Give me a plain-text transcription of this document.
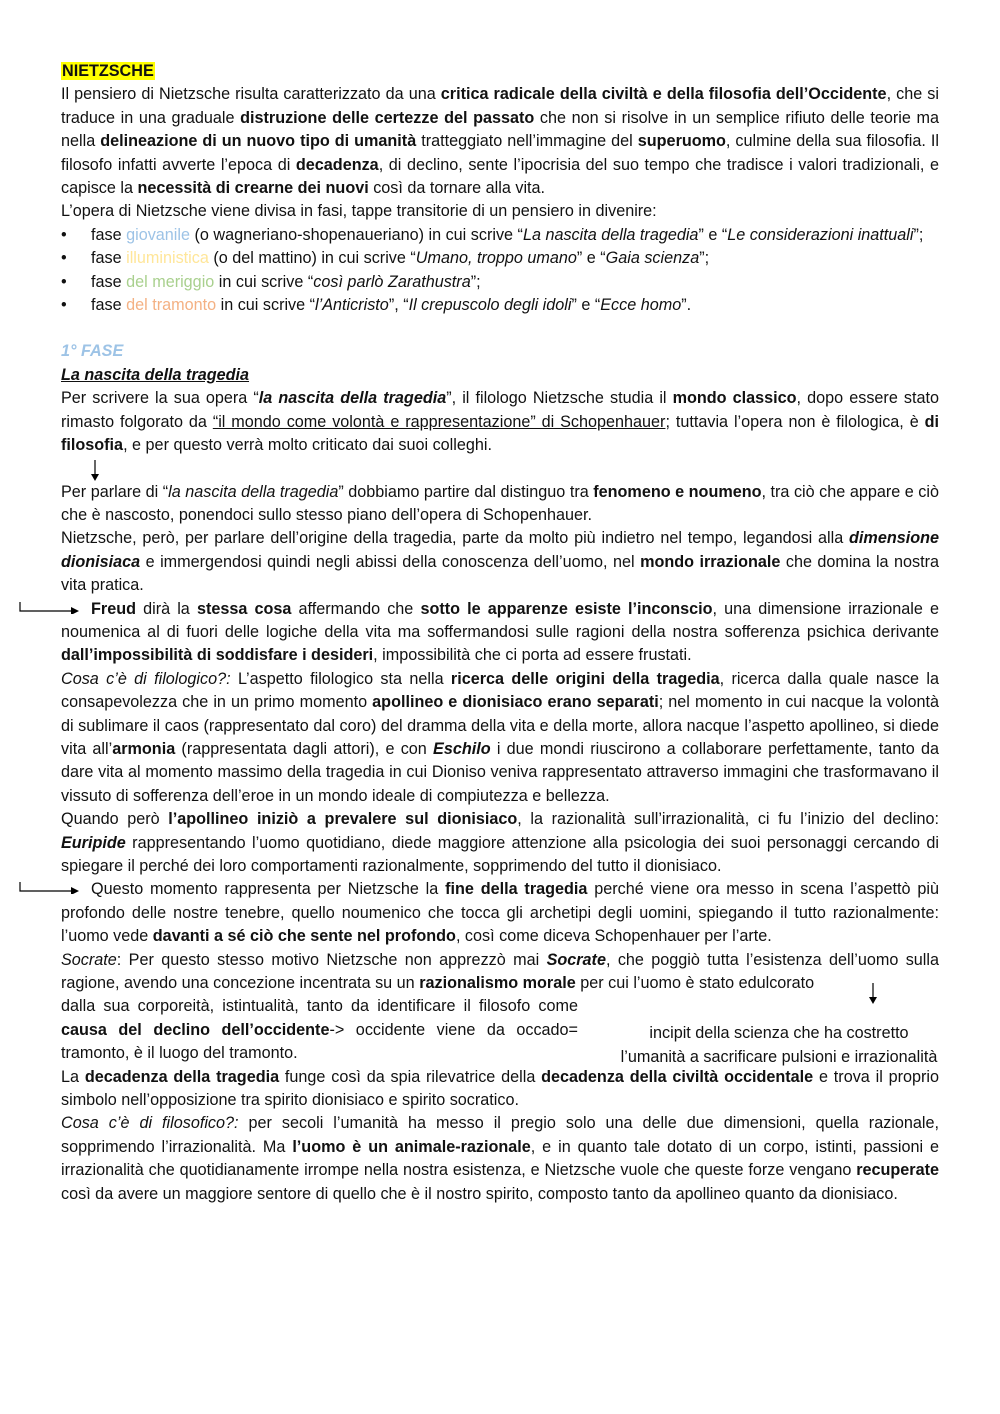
NIETZSCHE

Il pensiero di Nietzsche risulta caratterizzato da una critica radicale della civiltà e della filosofia dell’Occidente, che si traduce in una graduale distruzione delle certezze del passato che non si risolve in un semplice rifiuto delle teorie ma nella delineazione di un nuovo tipo di umanità tratteggiato nell’immagine del superuomo, culmine della sua filosofia. Il filosofo infatti avverte l’epoca di decadenza, di declino, sente l’ipocrisia del suo tempo che tradisce i valori tradizionali, e capisce la necessità di crearne dei nuovi così da tornare alla vita.

L’opera di Nietzsche viene divisa in fasi, tappe transitorie di un pensiero in divenire:

• fase giovanile (o wagneriano-shopenaueriano) in cui scrive “La nascita della tragedia” e “Le considerazioni inattuali”;

• fase illuministica (o del mattino) in cui scrive “Umano, troppo umano” e “Gaia scienza”;

• fase del meriggio in cui scrive “così parlò Zarathustra”;

• fase del tramonto in cui scrive “l’Anticristo”, “Il crepuscolo degli idoli” e “Ecce homo”.

1° FASE

La nascita della tragedia

Per scrivere la sua opera “la nascita della tragedia”, il filologo Nietzsche studia il mondo classico, dopo essere stato rimasto folgorato da “il mondo come volontà e rappresentazione” di Schopenhauer; tuttavia l’opera non è filologica, è di filosofia, e per questo verrà molto criticato dai suoi colleghi.

Per parlare di “la nascita della tragedia” dobbiamo partire dal distinguo tra fenomeno e noumeno, tra ciò che appare e ciò che è nascosto, ponendoci sullo stesso piano dell’opera di Schopenhauer.

Nietzsche, però, per parlare dell’origine della tragedia, parte da molto più indietro nel tempo, legandosi alla dimensione dionisiaca e immergendosi quindi negli abissi della conoscenza dell’uomo, nel mondo irrazionale che domina la nostra vita pratica.

Freud dirà la stessa cosa affermando che sotto le apparenze esiste l’inconscio, una dimensione irrazionale e noumenica al di fuori delle logiche della vita ma soffermandosi sulle ragioni della nostra sofferenza psichica derivante dall’impossibilità di soddisfare i desideri, impossibilità che ci porta ad essere frustati.

Cosa c’è di filologico?: L’aspetto filologico sta nella ricerca delle origini della tragedia, ricerca dalla quale nasce la consapevolezza che in un primo momento apollineo e dionisiaco erano separati; nel momento in cui nacque la volontà di sublimare il caos (rappresentato dal coro) del dramma della vita e della morte, allora nacque l’aspetto apollineo, si diede vita all’armonia (rappresentata dagli attori), e con Eschilo i due mondi riuscirono a collaborare perfettamente, tanto da dare vita al momento massimo della tragedia in cui Dioniso veniva rappresentato attraverso immagini che trasformavano il vissuto di sofferenza dell’eroe in un mondo ideale di compiutezza e bellezza.

Quando però l’apollineo iniziò a prevalere sul dionisiaco, la razionalità sull’irrazionalità, ci fu l’inizio del declino: Euripide rappresentando l’uomo quotidiano, diede maggiore attenzione alla psicologia dei suoi personaggi cercando di spiegare il perché dei loro comportamenti razionalmente, sopprimendo del tutto il dionisiaco.

Questo momento rappresenta per Nietzsche la fine della tragedia perché viene ora messo in scena l’aspettò più profondo delle nostre tenebre, quello noumenico che tocca gli archetipi degli uomini, spiegando il tutto razionalmente: l’uomo vede davanti a sé ciò che sente nel profondo, così come diceva Schopenhauer per l’arte.

Socrate: Per questo stesso motivo Nietzsche non apprezzò mai Socrate, che poggiò tutta l’esistenza dell’uomo sulla ragione, avendo una concezione incentrata su un razionalismo morale per cui l’uomo è stato edulcorato

incipit della scienza che ha costretto
l’umanità a sacrificare pulsioni e irrazionalità

dalla sua corporeità, istintualità, tanto da identificare il filosofo come causa del declino dell’occidente-> occidente viene da occado= tramonto, è il luogo del tramonto.

La decadenza della tragedia funge così da spia rilevatrice della decadenza della civiltà occidentale e trova il proprio simbolo nell’opposizione tra spirito dionisiaco e spirito socratico.

Cosa c’è di filosofico?: per secoli l’umanità ha messo il pregio solo una delle due dimensioni, quella razionale, sopprimendo l’irrazionalità. Ma l’uomo è un animale-razionale, e in quanto tale dotato di un corpo, istinti, passioni e irrazionalità che quotidianamente irrompe nella nostra esistenza, e Nietzsche vuole che queste forze vengano recuperate così da avere un maggiore sentore di quello che è il nostro spirito, composto tanto da apollineo quanto da dionisiaco.
